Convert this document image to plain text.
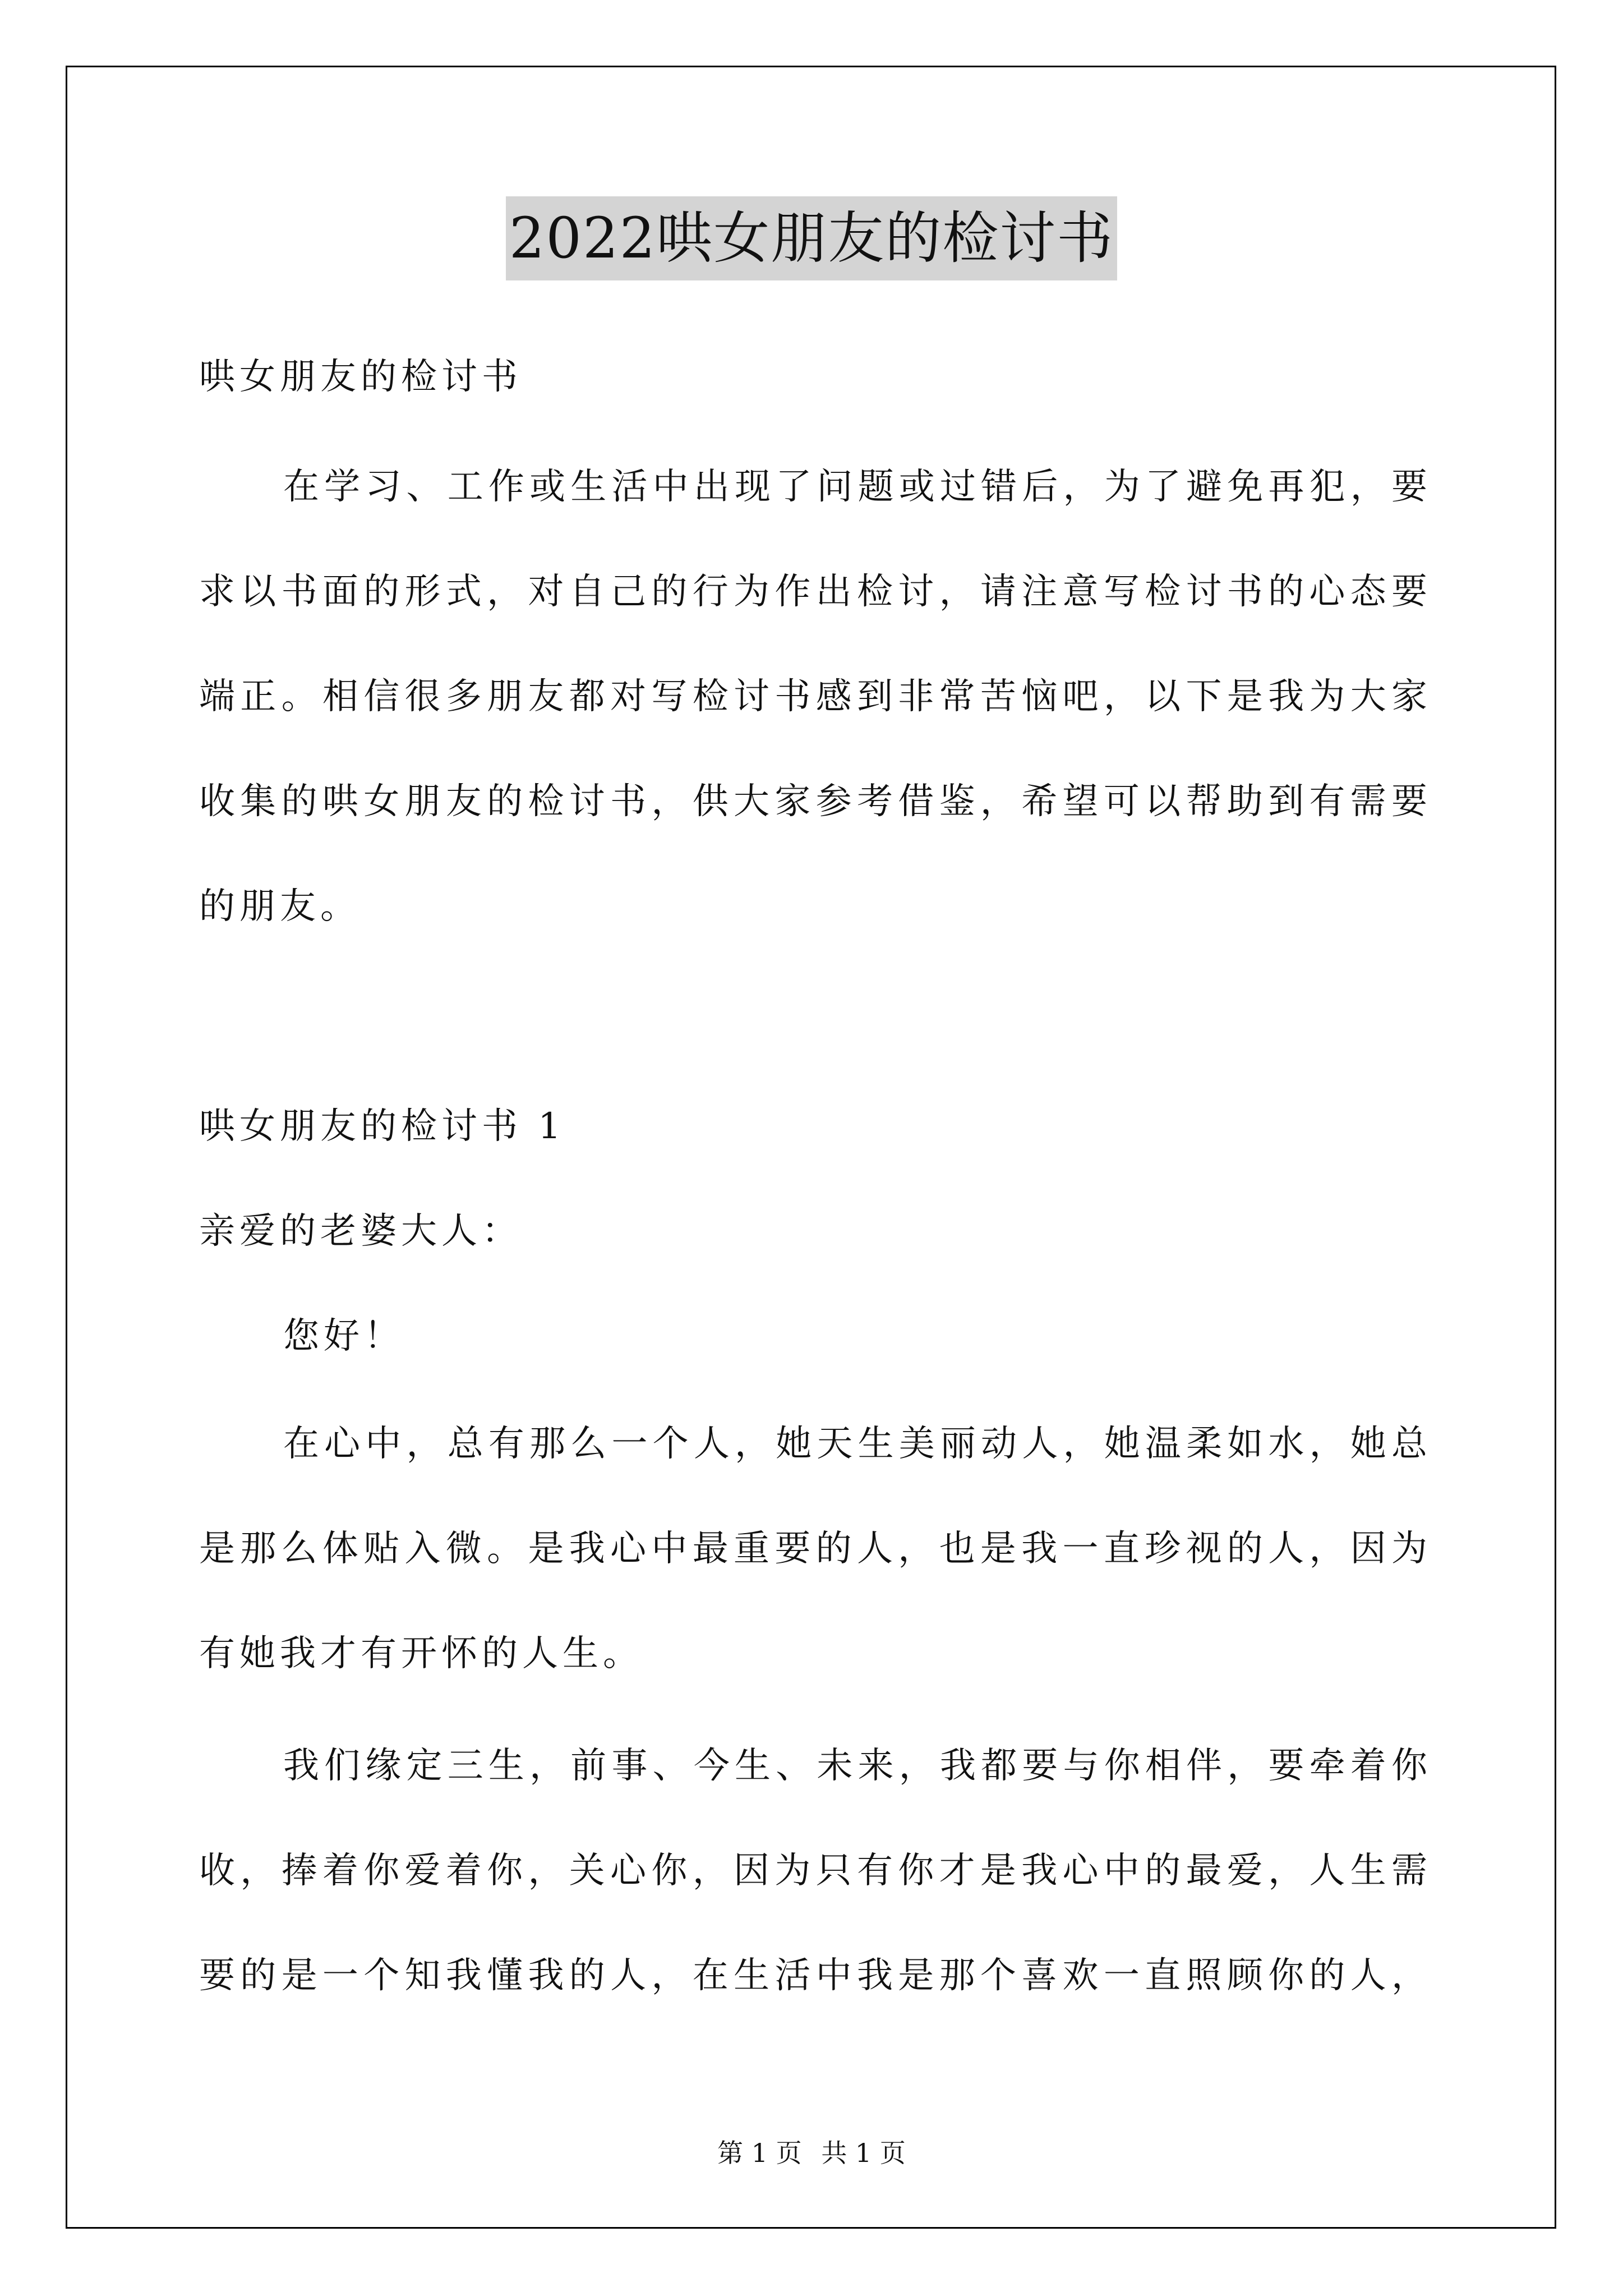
2022哄女朋友的检讨书
哄女朋友的检讨书
在学习、工作或生活中出现了问题或过错后，为了避免再犯，要
求以书面的形式，对自己的行为作出检讨，请注意写检讨书的心态要
端正。相信很多朋友都对写检讨书感到非常苦恼吧，以下是我为大家
收集的哄女朋友的检讨书，供大家参考借鉴，希望可以帮助到有需要
的朋友。
哄女朋友的检讨书 1
亲爱的老婆大人：
您好！
在心中，总有那么一个人，她天生美丽动人，她温柔如水，她总
是那么体贴入微。是我心中最重要的人，也是我一直珍视的人，因为
有她我才有开怀的人生。
我们缘定三生，前事、今生、未来，我都要与你相伴，要牵着你
收，捧着你爱着你，关心你，因为只有你才是我心中的最爱，人生需
要的是一个知我懂我的人，在生活中我是那个喜欢一直照顾你的人，
第 1 页 共 1 页
